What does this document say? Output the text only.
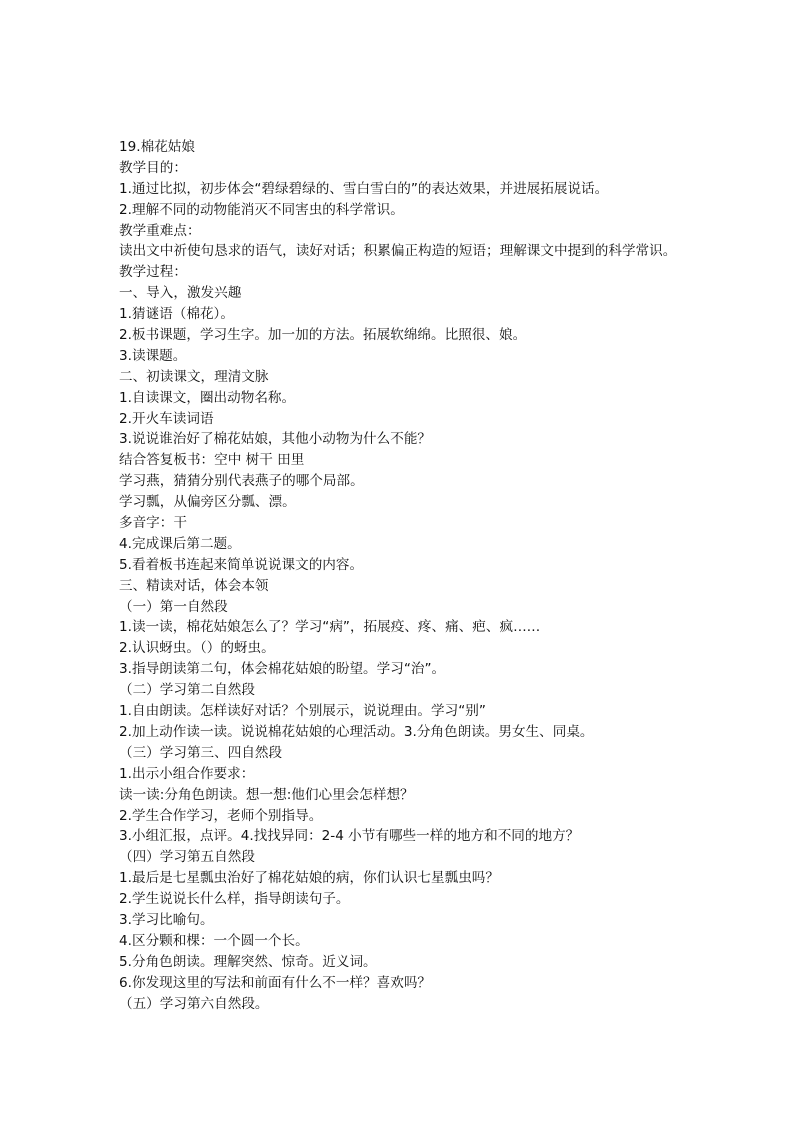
19.棉花姑娘
教学目的：
1.通过比拟，初步体会“碧绿碧绿的、雪白雪白的”的表达效果，并进展拓展说话。
2.理解不同的动物能消灭不同害虫的科学常识。
教学重难点：
读出文中祈使句恳求的语气，读好对话；积累偏正构造的短语；理解课文中提到的科学常识。
教学过程：
一、导入，激发兴趣
1.猜谜语（棉花）。
2.板书课题，学习生字。加一加的方法。拓展软绵绵。比照很、娘。
3.读课题。
二、初读课文，理清文脉
1.自读课文，圈出动物名称。
2.开火车读词语
3.说说谁治好了棉花姑娘，其他小动物为什么不能？
结合答复板书：空中 树干 田里
学习燕，猜猜分别代表燕子的哪个局部。
学习瓢，从偏旁区分瓢、漂。
多音字：干
4.完成课后第二题。
5.看着板书连起来简单说说课文的内容。
三、精读对话，体会本领
（一）第一自然段
1.读一读，棉花姑娘怎么了？学习“病”，拓展疫、疼、痛、疤、疯……
2.认识蚜虫。（）的蚜虫。
3.指导朗读第二句，体会棉花姑娘的盼望。学习“治”。
（二）学习第二自然段
1.自由朗读。怎样读好对话？个别展示，说说理由。学习“别”
2.加上动作读一读。说说棉花姑娘的心理活动。3.分角色朗读。男女生、同桌。
（三）学习第三、四自然段
1.出示小组合作要求：
读一读:分角色朗读。想一想:他们心里会怎样想？
2.学生合作学习，老师个别指导。
3.小组汇报，点评。4.找找异同：2-4 小节有哪些一样的地方和不同的地方？
（四）学习第五自然段
1.最后是七星瓢虫治好了棉花姑娘的病，你们认识七星瓢虫吗？
2.学生说说长什么样，指导朗读句子。
3.学习比喻句。
4.区分颗和棵：一个圆一个长。
5.分角色朗读。理解突然、惊奇。近义词。
6.你发现这里的写法和前面有什么不一样？喜欢吗？
（五）学习第六自然段。
